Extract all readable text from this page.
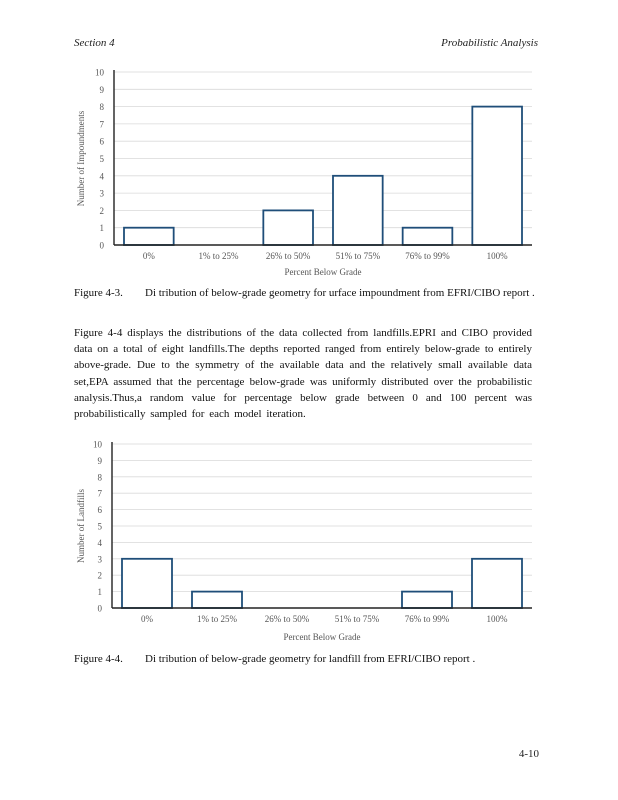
Section 4	Probabilistic Analysis
0
1
2
3
4
5
6
7
8
9
10
0%	1% to 25%	26% to 50%	51% to 75%	76% to 99%	100%
Percent Below Grade
Number of Impoundments
Figure 4-3. Di tribution of below-grade geometry for urface impoundment from EFRI/CIBO report .
Figure 4-4 displays the distributions of the data collected from landfills.EPRI and CIBO provided data on a total of eight landfills.The depths reported ranged from entirely below-grade to entirely above-grade. Due to the symmetry of the available data and the relatively small available data set,EPA assumed that the percentage below-grade was uniformly distributed over the probabilistic analysis.Thus,a random value for percentage below grade between 0 and 100 percent was probabilistically sampled for each model iteration.
0
1
2
3
4
5
6
7
8
9
10
0%	1% to 25%	26% to 50%	51% to 75%	76% to 99%	100%
Percent Below Grade
Number of Landfills
Figure 4-4. Di tribution of below-grade geometry for landfill from EFRI/CIBO report .
4-10
